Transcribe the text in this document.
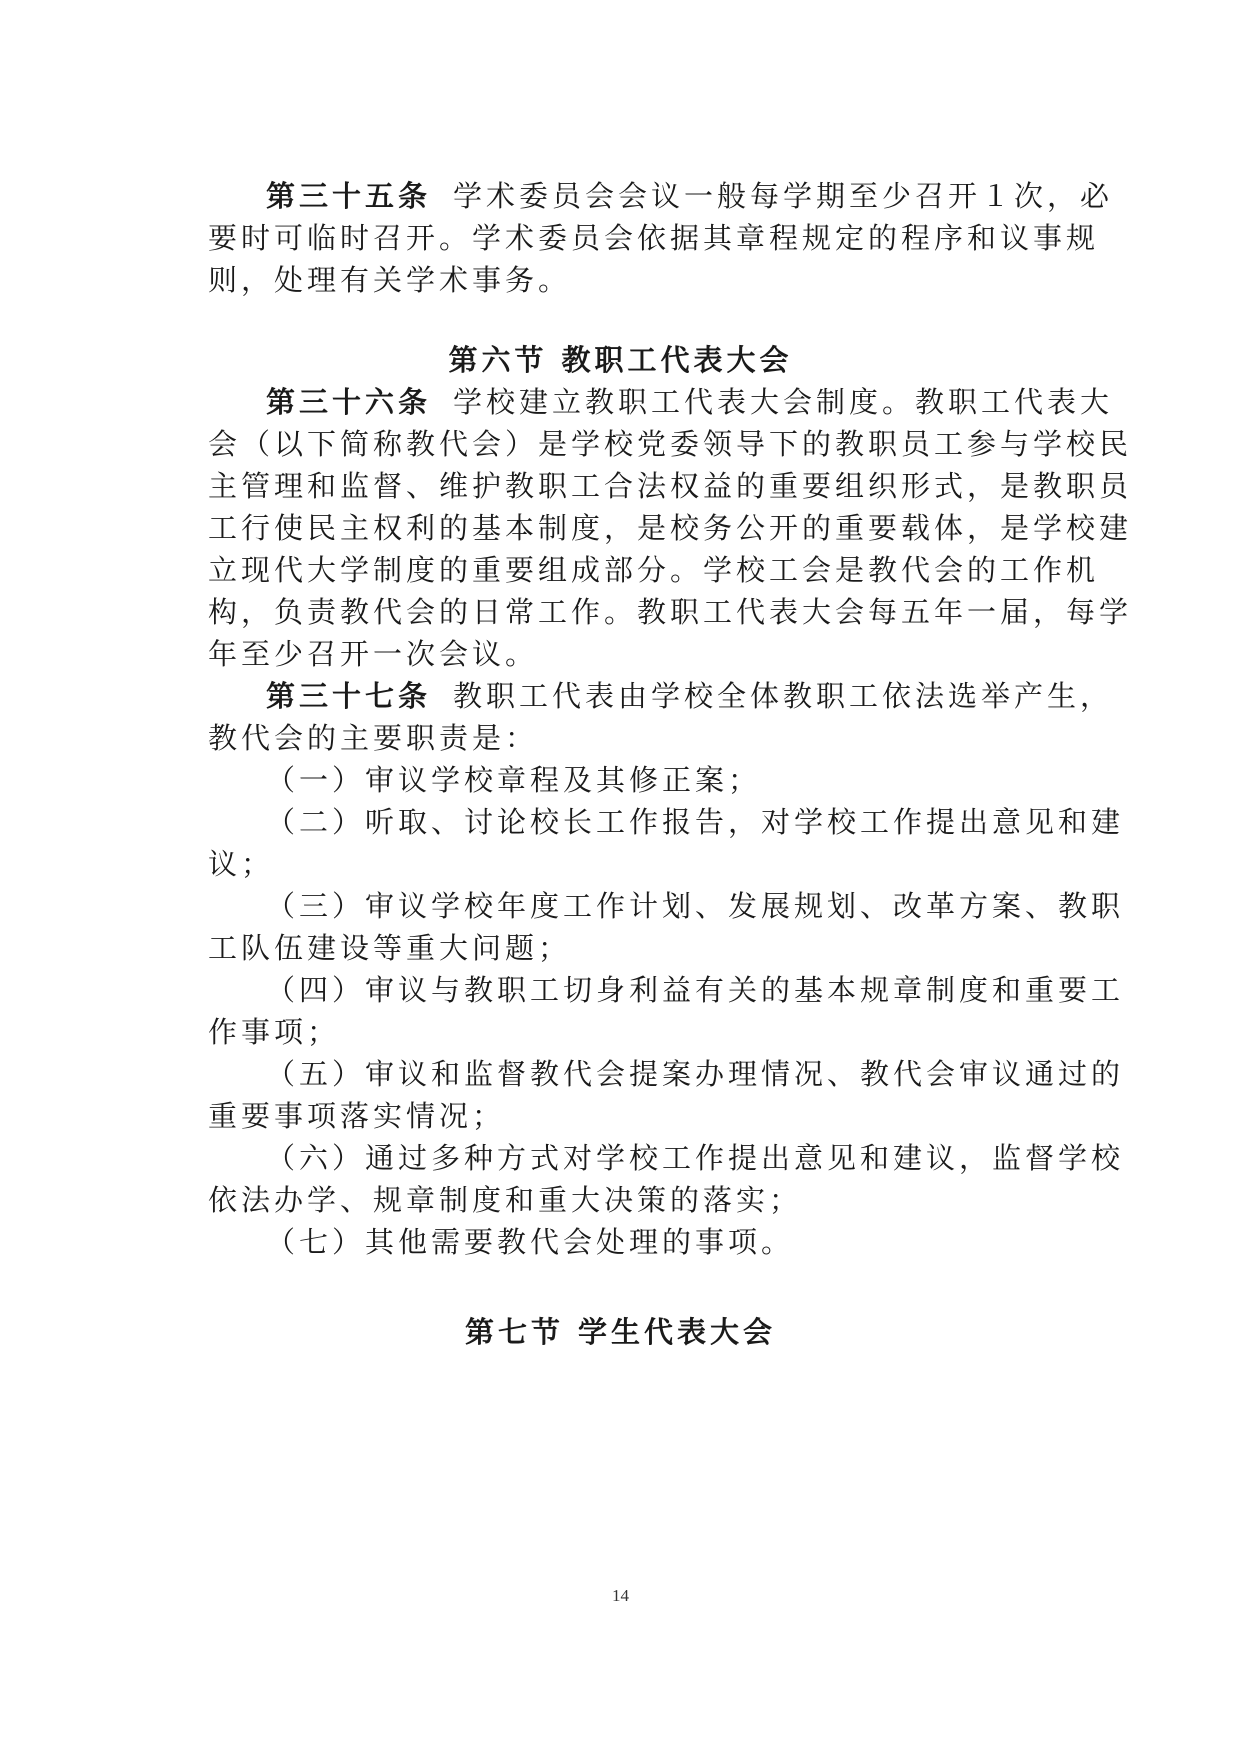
第三十五条 学术委员会会议一般每学期至少召开１次，必
要时可临时召开。学术委员会依据其章程规定的程序和议事规
则，处理有关学术事务。
第六节 教职工代表大会
第三十六条 学校建立教职工代表大会制度。教职工代表大
会（以下简称教代会）是学校党委领导下的教职员工参与学校民
主管理和监督、维护教职工合法权益的重要组织形式，是教职员
工行使民主权利的基本制度，是校务公开的重要载体，是学校建
立现代大学制度的重要组成部分。学校工会是教代会的工作机
构，负责教代会的日常工作。教职工代表大会每五年一届，每学
年至少召开一次会议。
第三十七条 教职工代表由学校全体教职工依法选举产生，
教代会的主要职责是：
（一）审议学校章程及其修正案；
（二）听取、讨论校长工作报告，对学校工作提出意见和建
议；
（三）审议学校年度工作计划、发展规划、改革方案、教职
工队伍建设等重大问题；
（四）审议与教职工切身利益有关的基本规章制度和重要工
作事项；
（五）审议和监督教代会提案办理情况、教代会审议通过的
重要事项落实情况；
（六）通过多种方式对学校工作提出意见和建议，监督学校
依法办学、规章制度和重大决策的落实；
（七）其他需要教代会处理的事项。
第七节 学生代表大会
14
